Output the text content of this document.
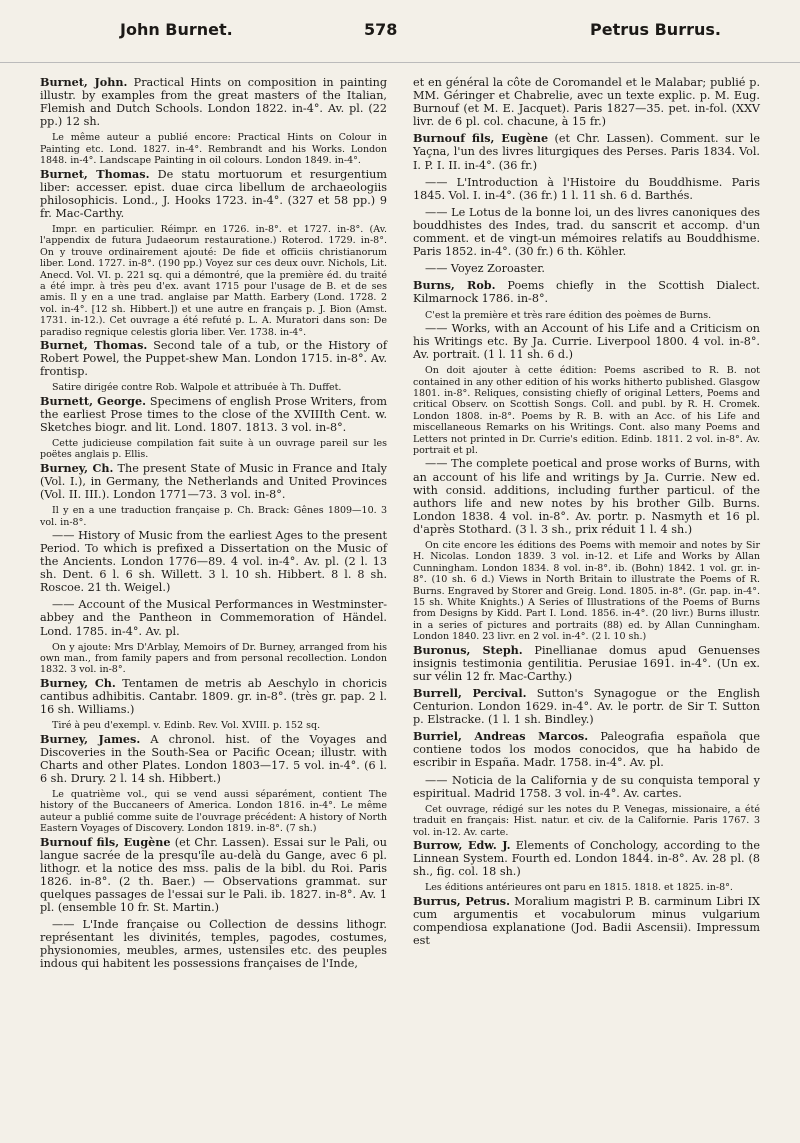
John Burnet.	578	Petrus Burrus.

Burnet, John. Practical Hints on composition in painting illustr. by examples from the great masters of the Italian, Flemish and Dutch Schools. London 1822. in-4°. Av. pl. (22 pp.) 12 sh.

Le même auteur a publié encore: Practical Hints on Colour in Painting etc. Lond. 1827. in-4°. Rembrandt and his Works. London 1848. in-4°. Landscape Painting in oil colours. London 1849. in-4°.

Burnet, Thomas. De statu mortuorum et resurgentium liber: accesser. epist. duae circa libellum de archaeologiis philosophicis. Lond., J. Hooks 1723. in-4°. (327 et 58 pp.) 9 fr. Mac-Carthy.

Impr. en particulier. Réimpr. en 1726. in-8°. et 1727. in-8°. (Av. l'appendix de futura Judaeorum restauratione.) Roterod. 1729. in-8°. On y trouve ordinairement ajouté: De fide et officiis christianorum liber. Lond. 1727. in-8°. (190 pp.) Voyez sur ces deux ouvr. Nichols, Lit. Anecd. Vol. VI. p. 221 sq. qui a démontré, que la première éd. du traité a été impr. à très peu d'ex. avant 1715 pour l'usage de B. et de ses amis. Il y en a une trad. anglaise par Matth. Earbery (Lond. 1728. 2 vol. in-4°. [12 sh. Hibbert.]) et une autre en français p. J. Bion (Amst. 1731. in-12.). Cet ouvrage a été refuté p. L. A. Muratori dans son: De paradiso regnique celestis gloria liber. Ver. 1738. in-4°.

Burnet, Thomas. Second tale of a tub, or the History of Robert Powel, the Puppet-shew Man. London 1715. in-8°. Av. frontisp.

Satire dirigée contre Rob. Walpole et attribuée à Th. Duffet.

Burnett, George. Specimens of english Prose Writers, from the earliest Prose times to the close of the XVIIIth Cent. w. Sketches biogr. and lit. Lond. 1807. 1813. 3 vol. in-8°.

Cette judicieuse compilation fait suite à un ouvrage pareil sur les poëtes anglais p. Ellis.

Burney, Ch. The present State of Music in France and Italy (Vol. I.), in Germany, the Netherlands and United Provinces (Vol. II. III.). London 1771—73. 3 vol. in-8°.

Il y en a une traduction française p. Ch. Brack: Gênes 1809—10. 3 vol. in-8°.

—— History of Music from the earliest Ages to the present Period. To which is prefixed a Dissertation on the Music of the Ancients. London 1776—89. 4 vol. in-4°. Av. pl. (2 l. 13 sh. Dent. 6 l. 6 sh. Willett. 3 l. 10 sh. Hibbert. 8 l. 8 sh. Roscoe. 21 th. Weigel.)

—— Account of the Musical Performances in Westminster-abbey and the Pantheon in Commemoration of Händel. Lond. 1785. in-4°. Av. pl.

On y ajoute: Mrs D'Arblay, Memoirs of Dr. Burney, arranged from his own man., from family papers and from personal recollection. London 1832. 3 vol. in-8°.

Burney, Ch. Tentamen de metris ab Aeschylo in choricis cantibus adhibitis. Cantabr. 1809. gr. in-8°. (très gr. pap. 2 l. 16 sh. Williams.)

Tiré à peu d'exempl. v. Edinb. Rev. Vol. XVIII. p. 152 sq.

Burney, James. A chronol. hist. of the Voyages and Discoveries in the South-Sea or Pacific Ocean; illustr. with Charts and other Plates. London 1803—17. 5 vol. in-4°. (6 l. 6 sh. Drury. 2 l. 14 sh. Hibbert.)

Le quatrième vol., qui se vend aussi séparément, contient The history of the Buccaneers of America. London 1816. in-4°. Le même auteur a publié comme suite de l'ouvrage précédent: A history of North Eastern Voyages of Discovery. London 1819. in-8°. (7 sh.)

Burnouf fils, Eugène (et Chr. Lassen). Essai sur le Pali, ou langue sacrée de la presqu'île au-delà du Gange, avec 6 pl. lithogr. et la notice des mss. palis de la bibl. du Roi. Paris 1826. in-8°. (2 th. Baer.) — Observations grammat. sur quelques passages de l'essai sur le Pali. ib. 1827. in-8°. Av. 1 pl. (ensemble 10 fr. St. Martin.)

—— L'Inde française ou Collection de dessins lithogr. représentant les divinités, temples, pagodes, costumes, physionomies, meubles, armes, ustensiles etc. des peuples indous qui habitent les possessions françaises de l'Inde,

et en général la côte de Coromandel et le Malabar; publié p. MM. Géringer et Chabrelie, avec un texte explic. p. M. Eug. Burnouf (et M. E. Jacquet). Paris 1827—35. pet. in-fol. (XXV livr. de 6 pl. col. chacune, à 15 fr.)

Burnouf fils, Eugène (et Chr. Lassen). Comment. sur le Yaçna, l'un des livres liturgiques des Perses. Paris 1834. Vol. I. P. I. II. in-4°. (36 fr.)

—— L'Introduction à l'Histoire du Bouddhisme. Paris 1845. Vol. I. in-4°. (36 fr.) 1 l. 11 sh. 6 d. Barthés.

—— Le Lotus de la bonne loi, un des livres canoniques des bouddhistes des Indes, trad. du sanscrit et accomp. d'un comment. et de vingt-un mémoires relatifs au Bouddhisme. Paris 1852. in-4°. (30 fr.) 6 th. Köhler.

—— Voyez Zoroaster.

Burns, Rob. Poems chiefly in the Scottish Dialect. Kilmarnock 1786. in-8°.

C'est la première et très rare édition des poèmes de Burns.

—— Works, with an Account of his Life and a Criticism on his Writings etc. By Ja. Currie. Liverpool 1800. 4 vol. in-8°. Av. portrait. (1 l. 11 sh. 6 d.)

On doit ajouter à cette édition: Poems ascribed to R. B. not contained in any other edition of his works hitherto published. Glasgow 1801. in-8°. Reliques, consisting chiefly of original Letters, Poems and critical Observ. on Scottish Songs. Coll. and publ. by R. H. Cromek. London 1808. in-8°. Poems by R. B. with an Acc. of his Life and miscellaneous Remarks on his Writings. Cont. also many Poems and Letters not printed in Dr. Currie's edition. Edinb. 1811. 2 vol. in-8°. Av. portrait et pl.

—— The complete poetical and prose works of Burns, with an account of his life and writings by Ja. Currie. New ed. with consid. additions, including further particul. of the authors life and new notes by his brother Gilb. Burns. London 1838. 4 vol. in-8°. Av. portr. p. Nasmyth et 16 pl. d'après Stothard. (3 l. 3 sh., prix réduit 1 l. 4 sh.)

On cite encore les éditions des Poems with memoir and notes by Sir H. Nicolas. London 1839. 3 vol. in-12. et Life and Works by Allan Cunningham. London 1834. 8 vol. in-8°. ib. (Bohn) 1842. 1 vol. gr. in-8°. (10 sh. 6 d.) Views in North Britain to illustrate the Poems of R. Burns. Engraved by Storer and Greig. Lond. 1805. in-8°. (Gr. pap. in-4°. 15 sh. White Knights.) A Series of Illustrations of the Poems of Burns from Designs by Kidd. Part I. Lond. 1856. in-4°. (20 livr.) Burns illustr. in a series of pictures and portraits (88) ed. by Allan Cunningham. London 1840. 23 livr. en 2 vol. in-4°. (2 l. 10 sh.)

Buronus, Steph. Pinellianae domus apud Genuenses insignis testimonia gentilitia. Perusiae 1691. in-4°. (Un ex. sur vélin 12 fr. Mac-Carthy.)

Burrell, Percival. Sutton's Synagogue or the English Centurion. London 1629. in-4°. Av. le portr. de Sir T. Sutton p. Elstracke. (1 l. 1 sh. Bindley.)

Burriel, Andreas Marcos. Paleografia española que contiene todos los modos conocidos, que ha habido de escribir in España. Madr. 1758. in-4°. Av. pl.

—— Noticia de la California y de su conquista temporal y espiritual. Madrid 1758. 3 vol. in-4°. Av. cartes.

Cet ouvrage, rédigé sur les notes du P. Venegas, missionaire, a été traduit en français: Hist. natur. et civ. de la Californie. Paris 1767. 3 vol. in-12. Av. carte.

Burrow, Edw. J. Elements of Conchology, according to the Linnean System. Fourth ed. London 1844. in-8°. Av. 28 pl. (8 sh., fig. col. 18 sh.)

Les éditions antérieures ont paru en 1815. 1818. et 1825. in-8°.

Burrus, Petrus. Moralium magistri P. B. carminum Libri IX cum argumentis et vocabulorum minus vulgarium compendiosa explanatione (Jod. Badii Ascensii). Impressum est
